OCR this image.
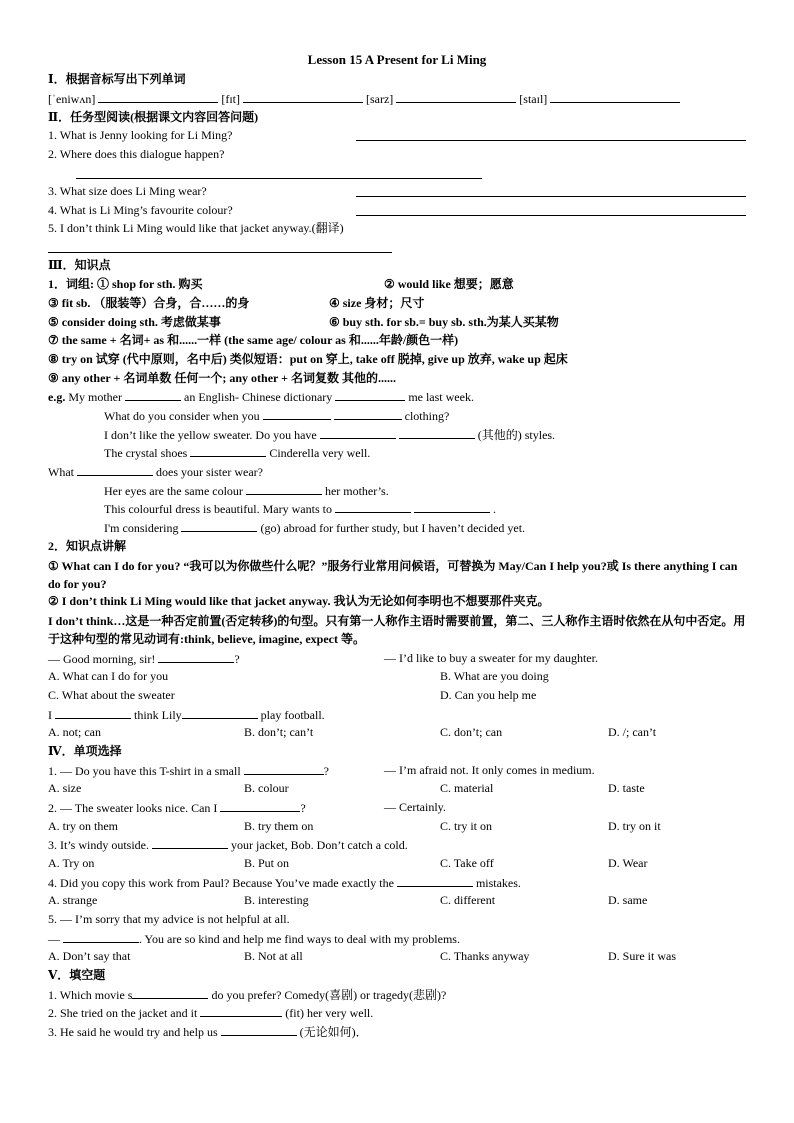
Lesson 15 A Present for Li Ming
Ⅰ．根据音标写出下列单词
[ˈeniwʌn]	[fɪt]	[sarz]	[staɪl]
Ⅱ．任务型阅读(根据课文内容回答问题)
1. What is Jenny looking for Li Ming?
2. Where does this dialogue happen?
3. What size does Li Ming wear?
4. What is Li Ming’s favourite colour?
5. I don’t think Li Ming would like that jacket anyway.(翻译)
Ⅲ．知识点
1．词组: ① shop for sth. 购买	② would like 想要；愿意
③ fit sb. （服装等）合身，合……的身	④ size 身材；尺寸
⑤ consider doing sth. 考虑做某事	⑥ buy sth. for sb.= buy sb. sth.为某人买某物
⑦ the same + 名词+ as 和......一样 (the same age/ colour as 和......年龄/颜色一样)
⑧ try on 试穿 (代中原则，名中后) 类似短语：put on 穿上, take off 脱掉, give up 放弃, wake up 起床
⑨ any other + 名词单数 任何一个; any other + 名词复数 其他的......
e.g. My mother	an English- Chinese dictionary	me last week.
What do you consider when you	clothing?
I don’t like the yellow sweater. Do you have	(其他的) styles.
The crystal shoes	Cinderella very well.
What	does your sister wear?
Her eyes are the same colour	her mother’s.
This colourful dress is beautiful. Mary wants to	.
I'm considering	(go) abroad for further study, but I haven’t decided yet.
2．知识点讲解
① What can I do for you? “我可以为你做些什么呢？”服务行业常用问候语，可替换为 May/Can I help you?或 Is there anything I can do for you?
② I don’t think Li Ming would like that jacket anyway. 我认为无论如何李明也不想要那件夹克。
I don’t think…这是一种否定前置(否定转移)的句型。只有第一人称作主语时需要前置，第二、三人称作主语时依然在从句中否定。用于这种句型的常见动词有:think, believe, imagine, expect 等。
— Good morning, sir!	?	— I’d like to buy a sweater for my daughter.
A. What can I do for you	B. What are you doing
C. What about the sweater	D. Can you help me
I	think Lily	play football.
A. not; can	B. don’t; can’t	C. don’t; can	D. /; can’t
Ⅳ．单项选择
1. — Do you have this T-shirt in a small	?	— I’m afraid not. It only comes in medium.
A. size	B. colour	C. material	D. taste
2. — The sweater looks nice. Can I	?	— Certainly.
A. try on them	B. try them on	C. try it on	D. try on it
3. It’s windy outside.	your jacket, Bob. Don’t catch a cold.
A. Try on	B. Put on	C. Take off	D. Wear
4. Did you copy this work from Paul? Because You’ve made exactly the	mistakes.
A. strange	B. interesting	C. different	D. same
5. — I’m sorry that my advice is not helpful at all.
—	. You are so kind and help me find ways to deal with my problems.
A. Don’t say that	B. Not at all	C. Thanks anyway	D. Sure it was
Ⅴ．填空题
1. Which movie s	do you prefer? Comedy(喜剧) or tragedy(悲剧)?
2. She tried on the jacket and it	(fit) her very well.
3. He said he would try and help us	(无论如何)．
